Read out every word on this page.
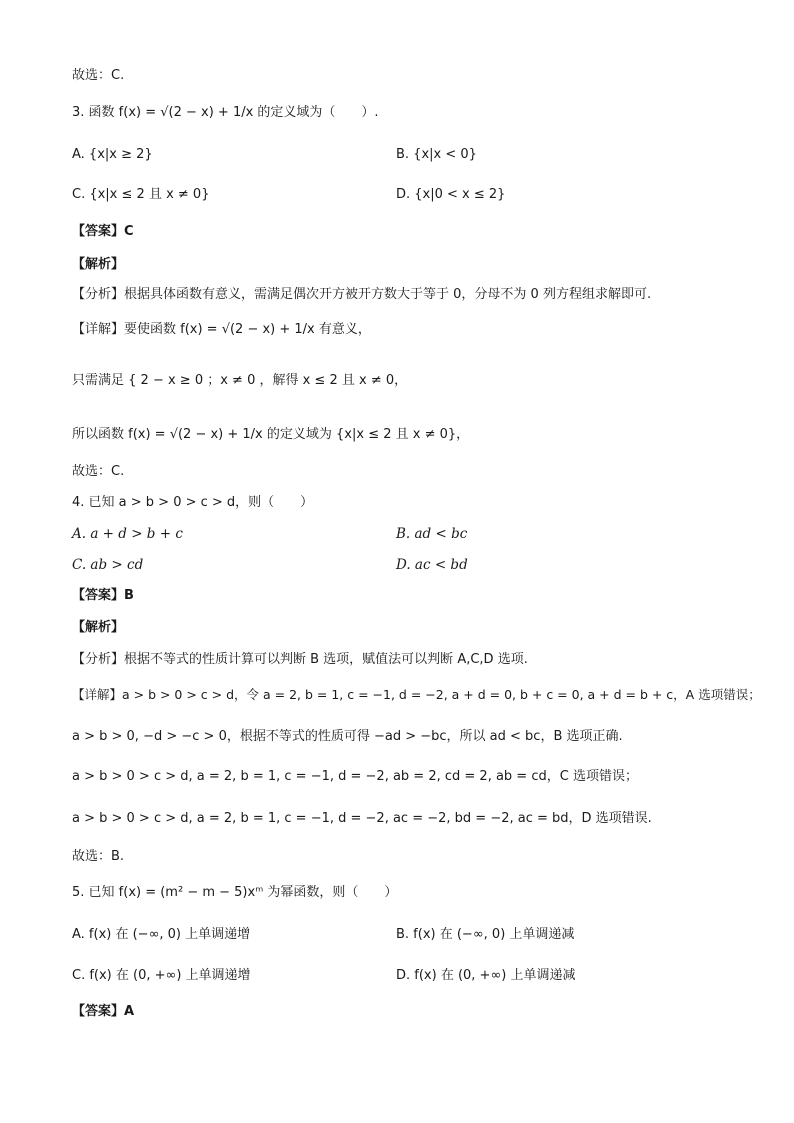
故选：C.
3. 函数 f(x) = √(2 − x) + 1/x 的定义域为（　　）.
A. {x|x ≥ 2}	B. {x|x < 0}
C. {x|x ≤ 2 且 x ≠ 0}	D. {x|0 < x ≤ 2}
【答案】C
【解析】
【分析】根据具体函数有意义，需满足偶次开方被开方数大于等于 0，分母不为 0 列方程组求解即可.
【详解】要使函数 f(x) = √(2 − x) + 1/x 有意义，
只需满足 { 2 − x ≥ 0 ；x ≠ 0 ，解得 x ≤ 2 且 x ≠ 0，
所以函数 f(x) = √(2 − x) + 1/x 的定义域为 {x|x ≤ 2 且 x ≠ 0}，
故选：C.
4. 已知 a > b > 0 > c > d，则（　　）
A. a + d > b + c	B. ad < bc
C. ab > cd	D. ac < bd
【答案】B
【解析】
【分析】根据不等式的性质计算可以判断 B 选项，赋值法可以判断 A,C,D 选项.
【详解】a > b > 0 > c > d，令 a = 2, b = 1, c = −1, d = −2, a + d = 0, b + c = 0, a + d = b + c，A 选项错误；
a > b > 0, −d > −c > 0，根据不等式的性质可得 −ad > −bc，所以 ad < bc，B 选项正确.
a > b > 0 > c > d, a = 2, b = 1, c = −1, d = −2, ab = 2, cd = 2, ab = cd，C 选项错误；
a > b > 0 > c > d, a = 2, b = 1, c = −1, d = −2, ac = −2, bd = −2, ac = bd，D 选项错误.
故选：B.
5. 已知 f(x) = (m² − m − 5)xᵐ 为幂函数，则（　　）
A. f(x) 在 (−∞, 0) 上单调递增	B. f(x) 在 (−∞, 0) 上单调递减
C. f(x) 在 (0, +∞) 上单调递增	D. f(x) 在 (0, +∞) 上单调递减
【答案】A
